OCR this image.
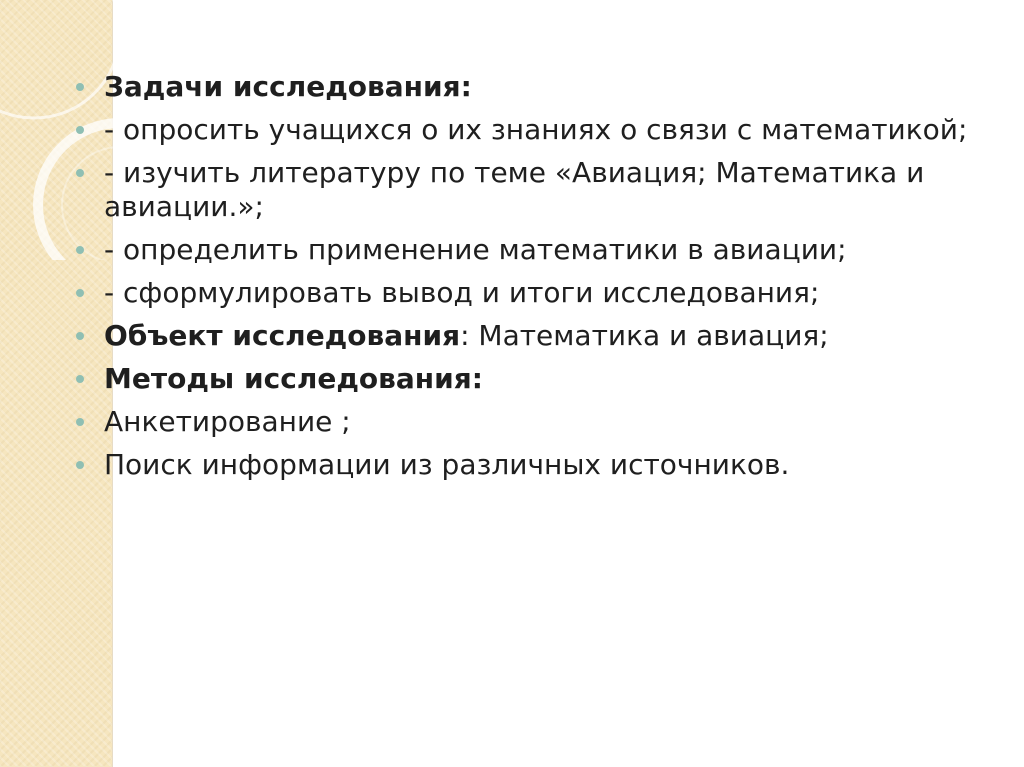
Задачи исследования:
- опросить учащихся о их знаниях о связи с математикой;
- изучить литературу по теме «Авиация; Математика и авиации.»;
- определить применение математики в авиации;
- сформулировать вывод и итоги исследования;
Объект исследования: Математика и авиация;
Методы исследования:
Анкетирование ;
Поиск информации из различных источников.
